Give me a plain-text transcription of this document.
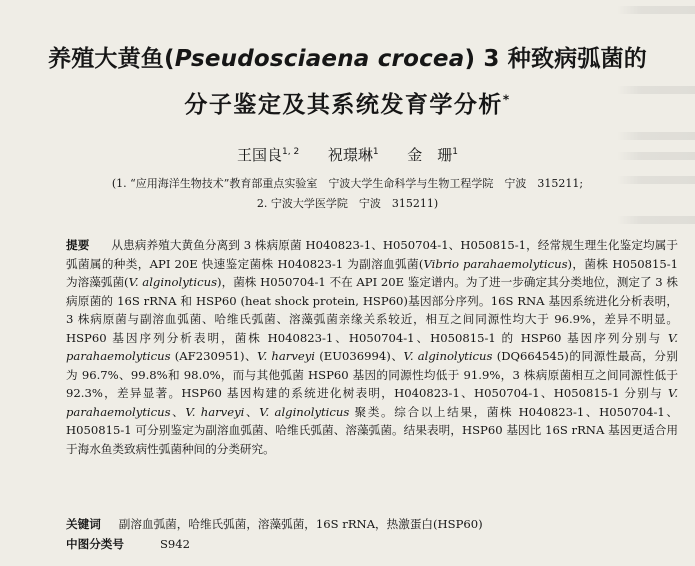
养殖大黄鱼(Pseudosciaena crocea) 3 种致病弧菌的
分子鉴定及其系统发育学分析*
王国良$^{1, 2}$ 祝璟琳$^1$ 金　珊$^1$
(1. “应用海洋生物技术”教育部重点实验室　宁波大学生命科学与生物工程学院　宁波　315211;
2. 宁波大学医学院　宁波　315211)

提要 从患病养殖大黄鱼分离到 3 株病原菌 H040823-1、H050704-1、H050815-1，经常规生理生化鉴定均属于弧菌属的种类，API 20E 快速鉴定菌株 H040823-1 为副溶血弧菌(Vibrio parahaemolyticus)，菌株 H050815-1 为溶藻弧菌(V. alginolyticus)，菌株 H050704-1 不在 API 20E 鉴定谱内。为了进一步确定其分类地位，测定了 3 株病原菌的 16S rRNA 和 HSP60 (heat shock protein, HSP60)基因部分序列。16S RNA 基因系统进化分析表明，3 株病原菌与副溶血弧菌、哈维氏弧菌、溶藻弧菌亲缘关系较近，相互之间同源性均大于 96.9%，差异不明显。HSP60 基因序列分析表明，菌株 H040823-1、H050704-1、H050815-1 的 HSP60 基因序列分别与 V. parahaemolyticus (AF230951)、V. harveyi (EU036994)、V. alginolyticus (DQ664545)的同源性最高，分别为 96.7%、99.8%和 98.0%，而与其他弧菌 HSP60 基因的同源性均低于 91.9%，3 株病原菌相互之间同源性低于 92.3%，差异显著。HSP60 基因构建的系统进化树表明，H040823-1、H050704-1、H050815-1 分别与 V. parahaemolyticus、V. harveyi、V. alginolyticus 聚类。综合以上结果，菌株 H040823-1、H050704-1、H050815-1 可分别鉴定为副溶血弧菌、哈维氏弧菌、溶藻弧菌。结果表明，HSP60 基因比 16S rRNA 基因更适合用于海水鱼类致病性弧菌种间的分类研究。

关键词 副溶血弧菌，哈维氏弧菌，溶藻弧菌，16S rRNA，热激蛋白(HSP60)
中图分类号	S942
